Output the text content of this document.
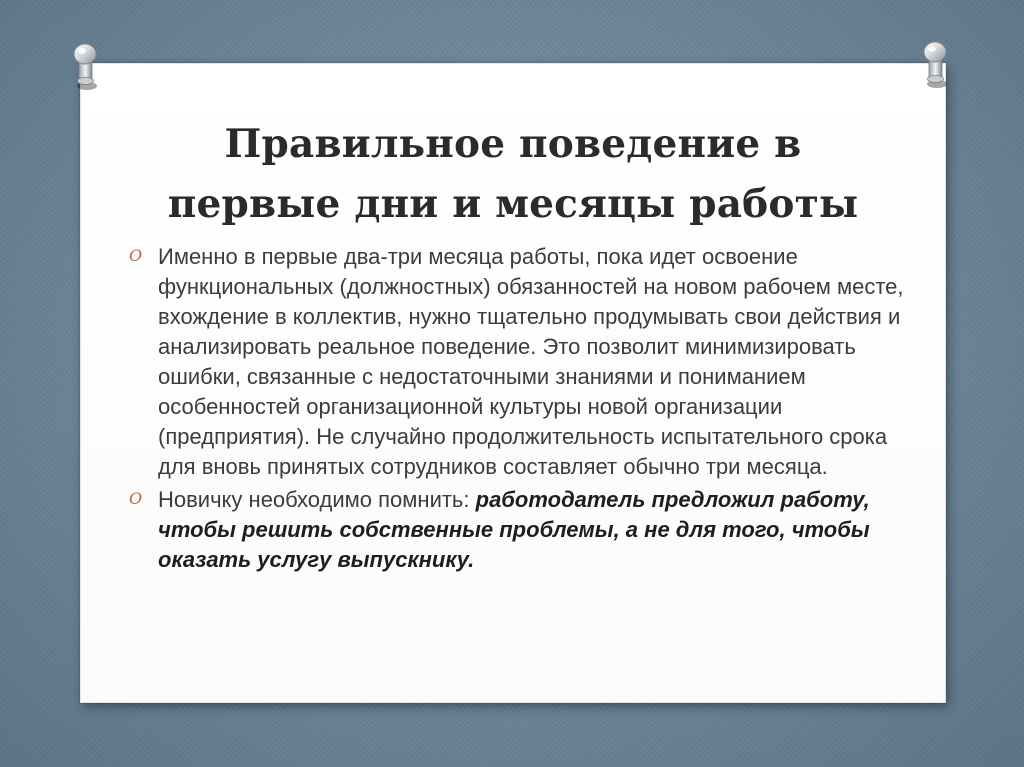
Правильное поведение в
первые дни и месяцы работы
O Именно в первые два-три месяца работы, пока идет освоение функциональных (должностных) обязанностей на новом рабочем месте, вхождение в коллектив, нужно тщательно продумывать свои действия и анализировать реальное поведение. Это позволит минимизировать ошибки, связанные с недостаточными знаниями и пониманием особенностей организационной культуры новой организации (предприятия). Не случайно продолжительность испытательного срока для вновь принятых сотрудников составляет обычно три месяца.
O Новичку необходимо помнить: работодатель предложил работу, чтобы решить собственные проблемы, а не для того, чтобы оказать услугу выпускнику.
